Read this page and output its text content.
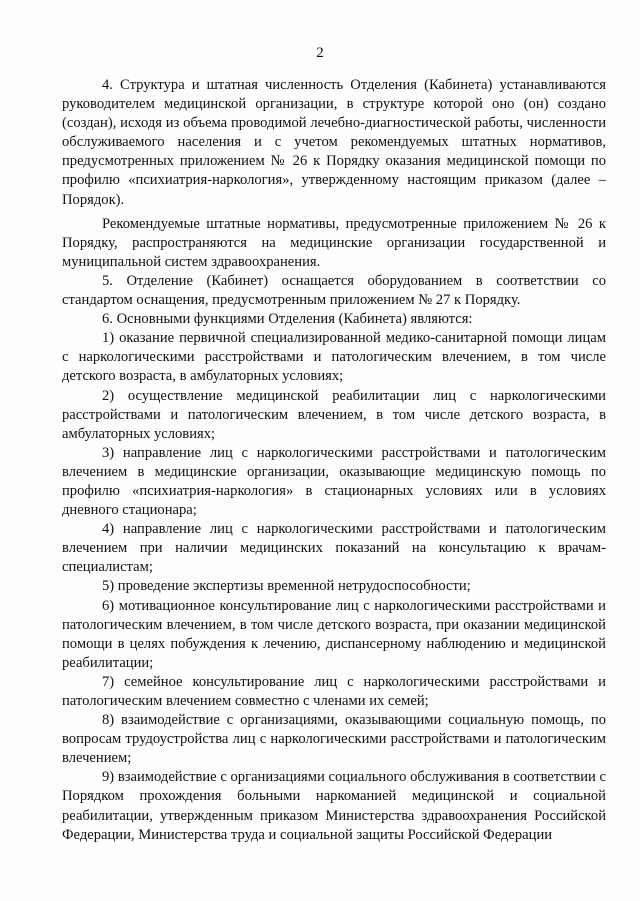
2

4. Структура и штатная численность Отделения (Кабинета) устанавливаются руководителем медицинской организации, в структуре которой оно (он) создано (создан), исходя из объема проводимой лечебно-диагностической работы, численности обслуживаемого населения и с учетом рекомендуемых штатных нормативов, предусмотренных приложением № 26 к Порядку оказания медицинской помощи по профилю «психиатрия-наркология», утвержденному настоящим приказом (далее – Порядок).

Рекомендуемые штатные нормативы, предусмотренные приложением № 26 к Порядку, распространяются на медицинские организации государственной и муниципальной систем здравоохранения.

5. Отделение (Кабинет) оснащается оборудованием в соответствии со стандартом оснащения, предусмотренным приложением № 27 к Порядку.

6. Основными функциями Отделения (Кабинета) являются:

1) оказание первичной специализированной медико-санитарной помощи лицам с наркологическими расстройствами и патологическим влечением, в том числе детского возраста, в амбулаторных условиях;

2) осуществление медицинской реабилитации лиц с наркологическими расстройствами и патологическим влечением, в том числе детского возраста, в амбулаторных условиях;

3) направление лиц с наркологическими расстройствами и патологическим влечением в медицинские организации, оказывающие медицинскую помощь по профилю «психиатрия-наркология» в стационарных условиях или в условиях дневного стационара;

4) направление лиц с наркологическими расстройствами и патологическим влечением при наличии медицинских показаний на консультацию к врачам-специалистам;

5) проведение экспертизы временной нетрудоспособности;

6) мотивационное консультирование лиц с наркологическими расстройствами и патологическим влечением, в том числе детского возраста, при оказании медицинской помощи в целях побуждения к лечению, диспансерному наблюдению и медицинской реабилитации;

7) семейное консультирование лиц с наркологическими расстройствами и патологическим влечением совместно с членами их семей;

8) взаимодействие с организациями, оказывающими социальную помощь, по вопросам трудоустройства лиц с наркологическими расстройствами и патологическим влечением;

9) взаимодействие с организациями социального обслуживания в соответствии с Порядком прохождения больными наркоманией медицинской и социальной реабилитации, утвержденным приказом Министерства здравоохранения Российской Федерации, Министерства труда и социальной защиты Российской Федерации
